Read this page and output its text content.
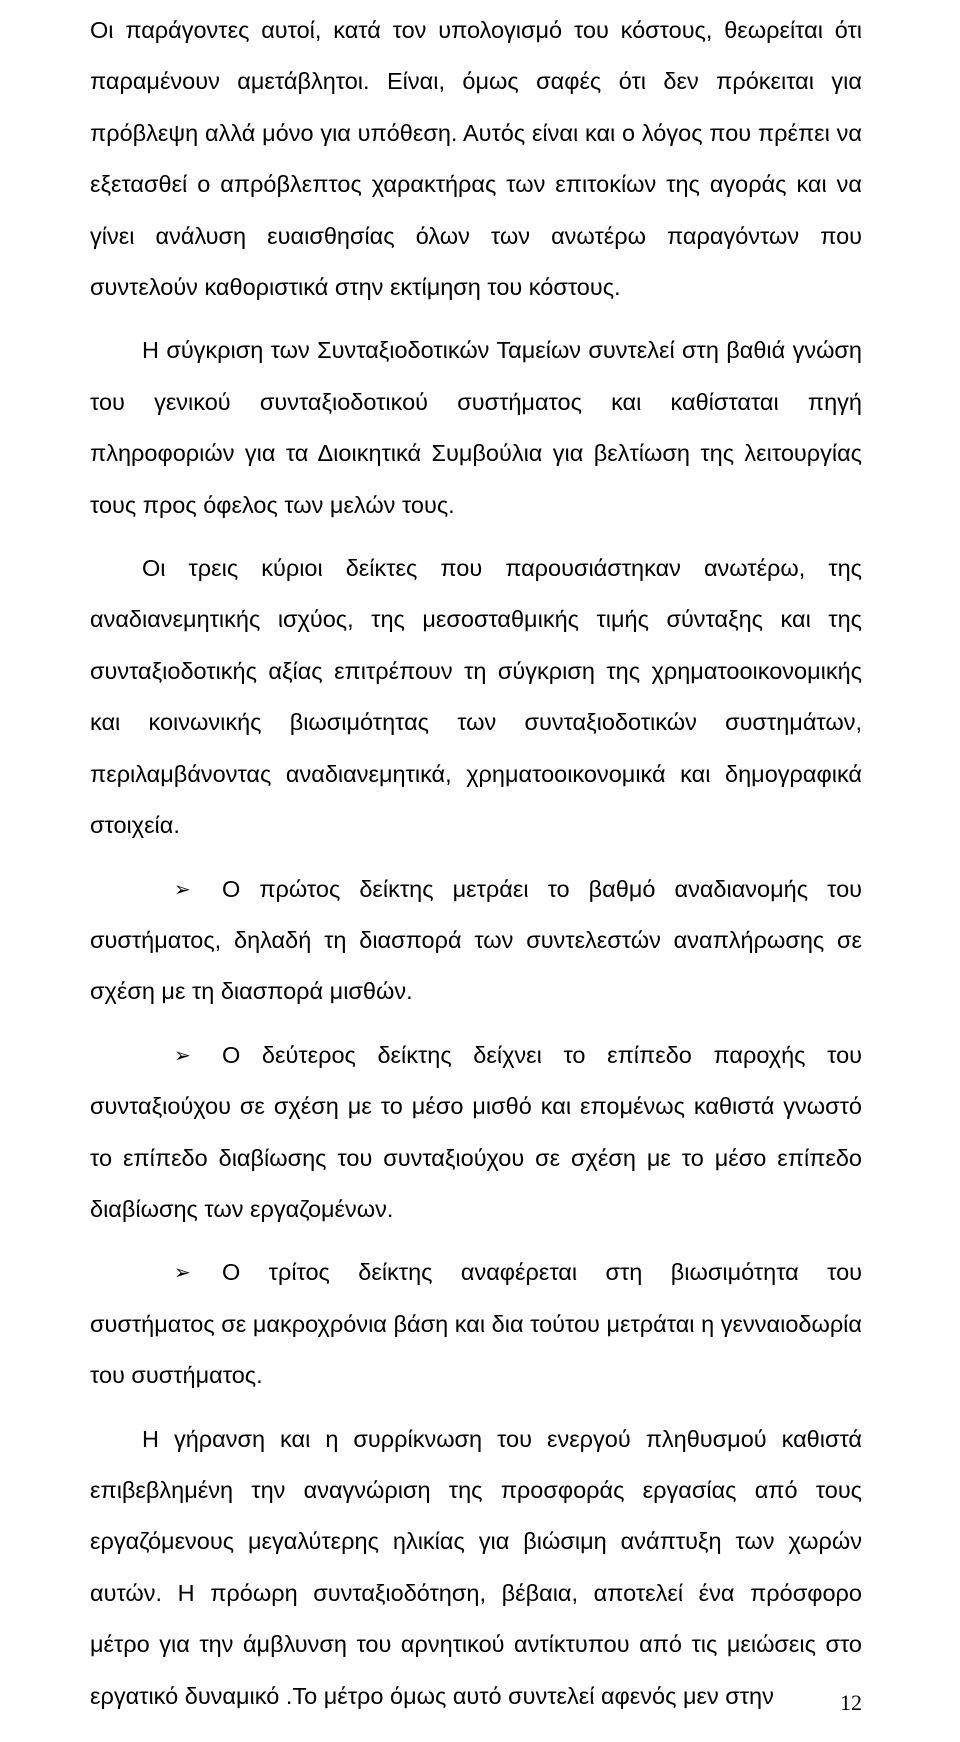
Οι παράγοντες αυτοί, κατά τον υπολογισμό του κόστους, θεωρείται ότι παραμένουν αμετάβλητοι. Είναι, όμως σαφές ότι δεν πρόκειται για πρόβλεψη αλλά μόνο για υπόθεση. Αυτός είναι και ο λόγος που πρέπει να εξετασθεί ο απρόβλεπτος χαρακτήρας των επιτοκίων της αγοράς και να γίνει ανάλυση ευαισθησίας όλων των ανωτέρω παραγόντων που συντελούν καθοριστικά στην εκτίμηση του κόστους.

Η σύγκριση των Συνταξιοδοτικών Ταμείων συντελεί στη βαθιά γνώση του γενικού συνταξιοδοτικού συστήματος και καθίσταται πηγή πληροφοριών για τα Διοικητικά Συμβούλια για βελτίωση της λειτουργίας τους προς όφελος των μελών τους.

Οι τρεις κύριοι δείκτες που παρουσιάστηκαν ανωτέρω, της αναδιανεμητικής ισχύος, της μεσοσταθμικής τιμής σύνταξης και της συνταξιοδοτικής αξίας επιτρέπουν τη σύγκριση της χρηματοοικονομικής και κοινωνικής βιωσιμότητας των συνταξιοδοτικών συστημάτων, περιλαμβάνοντας αναδιανεμητικά, χρηματοοικονομικά και δημογραφικά στοιχεία.

➢ Ο πρώτος δείκτης μετράει το βαθμό αναδιανομής του συστήματος, δηλαδή τη διασπορά των συντελεστών αναπλήρωσης σε σχέση με τη διασπορά μισθών.

➢ Ο δεύτερος δείκτης δείχνει το επίπεδο παροχής του συνταξιούχου σε σχέση με το μέσο μισθό και επομένως καθιστά γνωστό το επίπεδο διαβίωσης του συνταξιούχου σε σχέση με το μέσο επίπεδο διαβίωσης των εργαζομένων.

➢ Ο τρίτος δείκτης αναφέρεται στη βιωσιμότητα του συστήματος σε μακροχρόνια βάση και δια τούτου μετράται η γενναιοδωρία του συστήματος.

Η γήρανση και η συρρίκνωση του ενεργού πληθυσμού καθιστά επιβεβλημένη την αναγνώριση της προσφοράς εργασίας από τους εργαζόμενους μεγαλύτερης ηλικίας για βιώσιμη ανάπτυξη των χωρών αυτών. Η πρόωρη συνταξιοδότηση, βέβαια, αποτελεί ένα πρόσφορο μέτρο για την άμβλυνση του αρνητικού αντίκτυπου από τις μειώσεις στο εργατικό δυναμικό .Το μέτρο όμως αυτό συντελεί αφενός μεν στην	12
